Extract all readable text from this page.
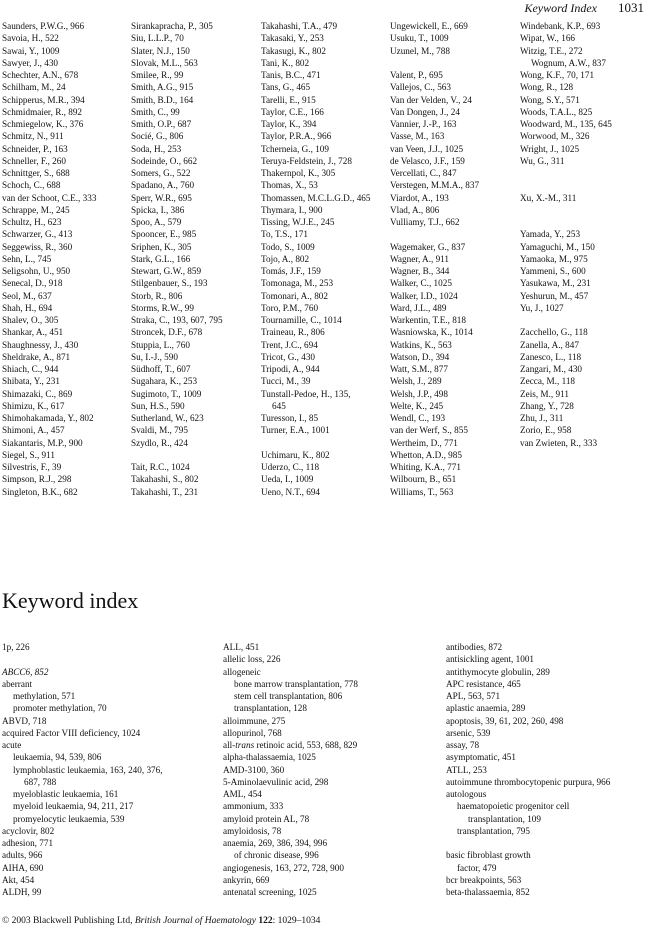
Keyword Index 1031
Saunders, P.W.G., 966
Savoia, H., 522
Sawai, Y., 1009
Sawyer, J., 430
Schechter, A.N., 678
Schilham, M., 24
Schipperus, M.R., 394
Schmidmaier, R., 892
Schmiegelow, K., 376
Schmitz, N., 911
Schneider, P., 163
Schneller, F., 260
Schnittger, S., 688
Schoch, C., 688
van der Schoot, C.E., 333
Schrappe, M., 245
Schultz, H., 623
Schwarzer, G., 413
Seggewiss, R., 360
Sehn, L., 745
Seligsohn, U., 950
Senecal, D., 918
Seol, M., 637
Shah, H., 694
Shalev, O., 305
Shankar, A., 451
Shaughnessy, J., 430
Sheldrake, A., 871
Shiach, C., 944
Shibata, Y., 231
Shimazaki, C., 869
Shimizu, K., 617
Shimohakamada, Y., 802
Shimoni, A., 457
Siakantaris, M.P., 900
Siegel, S., 911
Silvestris, F., 39
Simpson, R.J., 298
Singleton, B.K., 682
Sirankapracha, P., 305
Siu, L.L.P., 70
Slater, N.J., 150
Slovak, M.L., 563
Smilee, R., 99
Smith, A.G., 915
Smith, B.D., 164
Smith, C., 99
Smith, O.P., 687
Socié, G., 806
Soda, H., 253
Sodeinde, O., 662
Somers, G., 522
Spadano, A., 760
Sperr, W.R., 695
Spicka, I., 386
Spoo, A., 579
Spooncer, E., 985
Sriphen, K., 305
Stark, G.L., 166
Stewart, G.W., 859
Stilgenbauer, S., 193
Storb, R., 806
Storms, R.W., 99
Straka, C., 193, 607, 795
Stroncek, D.F., 678
Stuppia, L., 760
Su, I.-J., 590
Südhoff, T., 607
Sugahara, K., 253
Sugimoto, T., 1009
Sun, H.S., 590
Sutherland, W., 623
Svaldi, M., 795
Szydlo, R., 424
Tait, R.C., 1024
Takahashi, S., 802
Takahashi, T., 231
Takahashi, T.A., 479
Takasaki, Y., 253
Takasugi, K., 802
Tani, K., 802
Tanis, B.C., 471
Tans, G., 465
Tarelli, E., 915
Taylor, C.E., 166
Taylor, K., 394
Taylor, P.R.A., 966
Tcherneia, G., 109
Teruya-Feldstein, J., 728
Thakernpol, K., 305
Thomas, X., 53
Thomassen, M.C.L.G.D., 465
Thymara, I., 900
Tissing, W.J.E., 245
To, T.S., 171
Todo, S., 1009
Tojo, A., 802
Tomás, J.F., 159
Tomonaga, M., 253
Tomonari, A., 802
Toro, P.M., 760
Tournamille, C., 1014
Traineau, R., 806
Trent, J.C., 694
Tricot, G., 430
Tripodi, A., 944
Tucci, M., 39
Tunstall-Pedoe, H., 135,
645
Turesson, I., 85
Turner, E.A., 1001
Uchimaru, K., 802
Uderzo, C., 118
Ueda, I., 1009
Ueno, N.T., 694
Ungewickell, E., 669
Usuku, T., 1009
Uzunel, M., 788
Valent, P., 695
Vallejos, C., 563
Van der Velden, V., 24
Van Dongen, J., 24
Vannier, J.-P., 163
Vasse, M., 163
van Veen, J.J., 1025
de Velasco, J.F., 159
Vercellati, C., 847
Verstegen, M.M.A., 837
Viardot, A., 193
Vlad, A., 806
Vulliamy, T.J., 662
Wagemaker, G., 837
Wagner, A., 911
Wagner, B., 344
Walker, C., 1025
Walker, I.D., 1024
Ward, J.L., 489
Warkentin, T.E., 818
Wasniowska, K., 1014
Watkins, K., 563
Watson, D., 394
Watt, S.M., 877
Welsh, J., 289
Welsh, J.P., 498
Welte, K., 245
Wendl, C., 193
van der Werf, S., 855
Wertheim, D., 771
Whetton, A.D., 985
Whiting, K.A., 771
Wilbourn, B., 651
Williams, T., 563
Windebank, K.P., 693
Wipat, W., 166
Witzig, T.E., 272
Wognum, A.W., 837
Wong, K.F., 70, 171
Wong, R., 128
Wong, S.Y., 571
Woods, T.A.L., 825
Woodward, M., 135, 645
Worwood, M., 326
Wright, J., 1025
Wu, G., 311
Xu, X.-M., 311
Yamada, Y., 253
Yamaguchi, M., 150
Yamaoka, M., 975
Yammeni, S., 600
Yasukawa, M., 231
Yeshurun, M., 457
Yu, J., 1027
Zacchello, G., 118
Zanella, A., 847
Zanesco, L., 118
Zangari, M., 430
Zecca, M., 118
Zeis, M., 911
Zhang, Y., 728
Zhu, J., 311
Zorio, E., 958
van Zwieten, R., 333
Keyword index
1p, 226
ABCC6, 852
aberrant
methylation, 571
promoter methylation, 70
ABVD, 718
acquired Factor VIII deficiency, 1024
acute
leukaemia, 94, 539, 806
lymphoblastic leukaemia, 163, 240, 376,
687, 788
myeloblastic leukaemia, 161
myeloid leukaemia, 94, 211, 217
promyelocytic leukaemia, 539
acyclovir, 802
adhesion, 771
adults, 966
AIHA, 690
Akt, 454
ALDH, 99
ALL, 451
allelic loss, 226
allogeneic
bone marrow transplantation, 778
stem cell transplantation, 806
transplantation, 128
alloimmune, 275
allopurinol, 768
all-trans retinoic acid, 553, 688, 829
alpha-thalassaemia, 1025
AMD-3100, 360
5-Aminolaevulinic acid, 298
AML, 454
ammonium, 333
amyloid protein AL, 78
amyloidosis, 78
anaemia, 269, 386, 394, 996
of chronic disease, 996
angiogenesis, 163, 272, 728, 900
ankyrin, 669
antenatal screening, 1025
antibodies, 872
antisickling agent, 1001
antithymocyte globulin, 289
APC resistance, 465
APL, 563, 571
aplastic anaemia, 289
apoptosis, 39, 61, 202, 260, 498
arsenic, 539
assay, 78
asymptomatic, 451
ATLL, 253
autoimmune thrombocytopenic purpura, 966
autologous
haematopoietic progenitor cell
transplantation, 109
transplantation, 795
basic fibroblast growth
factor, 479
bcr breakpoints, 563
beta-thalassaemia, 852
© 2003 Blackwell Publishing Ltd, British Journal of Haematology 122: 1029–1034
